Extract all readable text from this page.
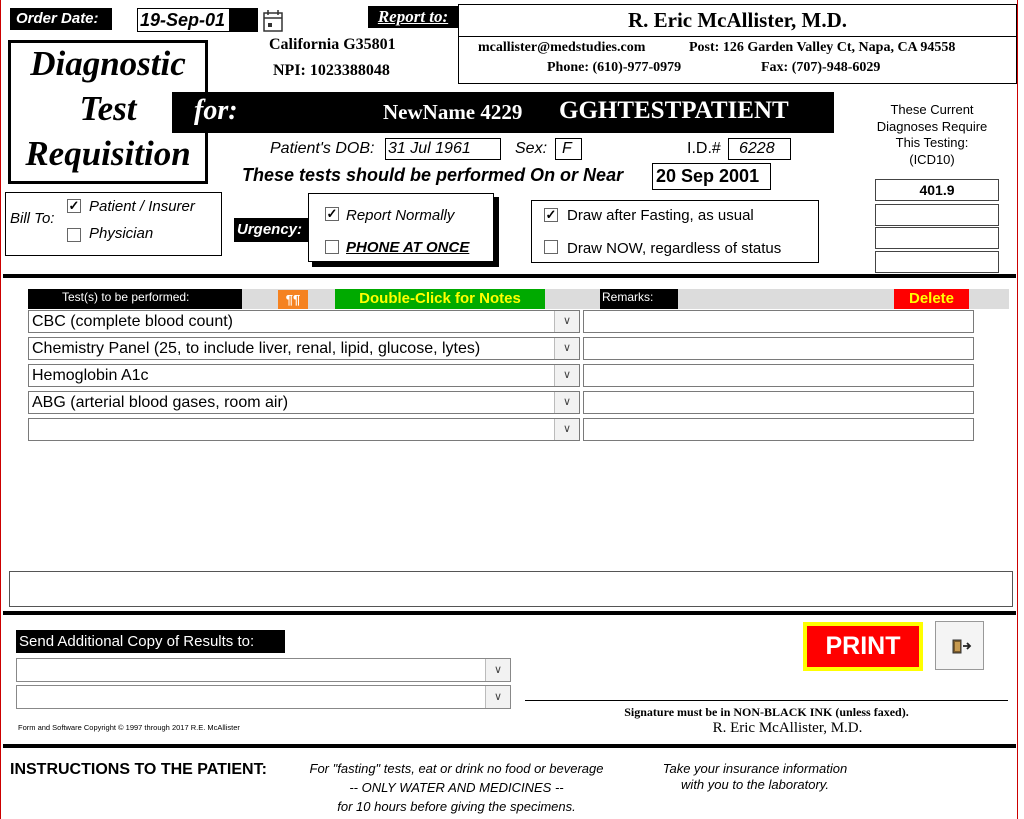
Order Date:	19-Sep-01	Report to:	R. Eric McAllister, M.D.
mcallister@medstudies.com	Post: 126 Garden Valley Ct, Napa, CA 94558
Phone: (610)-977-0979	Fax: (707)-948-6029
California G35801
NPI: 1023388048
Diagnostic
Test
Requisition
for:	NewName 4229 GGHTESTPATIENT
Patient's DOB: 31 Jul 1961	Sex: F	I.D.#	6228
These tests should be performed On or Near 20 Sep 2001
These Current
Diagnoses Require
This Testing:
(ICD10)
401.9
Bill To:
✓ Patient / Insurer
Physician	Urgency:
✓ Report Normally
PHONE AT ONCE
✓ Draw after Fasting, as usual
Draw NOW, regardless of status
Test(s) to be performed:	¶¶	Double-Click for Notes	Remarks:	Delete
CBC (complete blood count)	∨
Chemistry Panel (25, to include liver, renal, lipid, glucose, lytes)	∨
Hemoglobin A1c	∨
ABG (arterial blood gases, room air)	∨
∨
Send Additional Copy of Results to:
∨
∨
Form and Software Copyright © 1997 through 2017 R.E. McAllister
PRINT
Signature must be in NON-BLACK INK (unless faxed).
R. Eric McAllister, M.D.
INSTRUCTIONS TO THE PATIENT:	For "fasting" tests, eat or drink no food or beverage
-- ONLY WATER AND MEDICINES --
for 10 hours before giving the specimens.
Take your insurance information
with you to the laboratory.
